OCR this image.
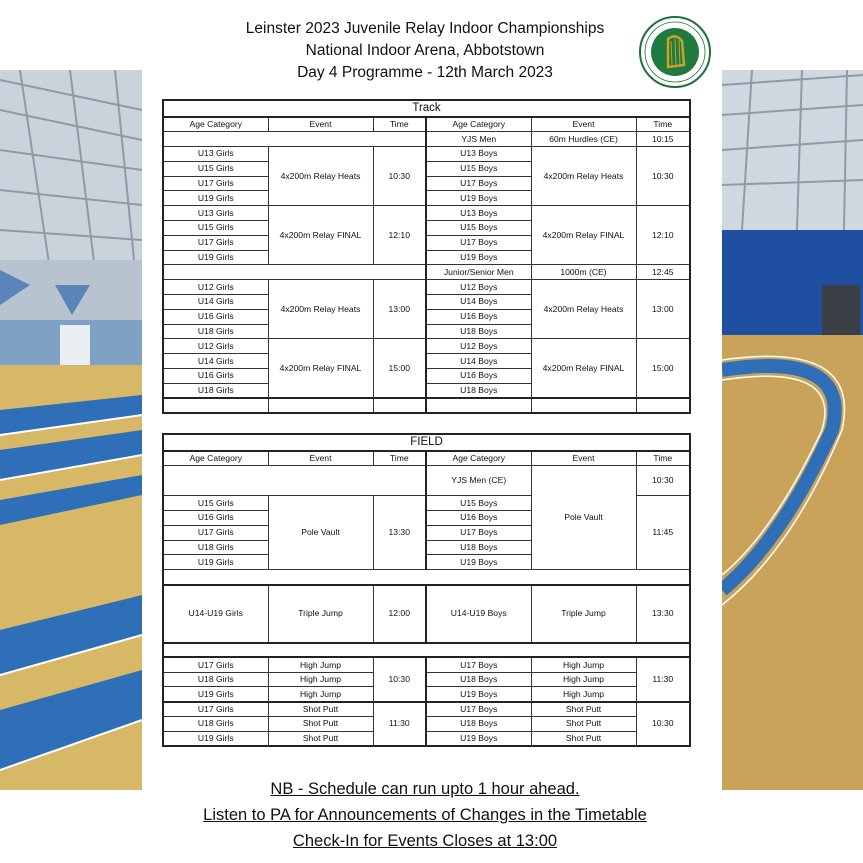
Leinster 2023 Juvenile Relay Indoor Championships
National Indoor Arena, Abbotstown
Day 4 Programme - 12th March 2023
Track					
Age Category	Event	Time	Age Category	Event	Time
			YJS Men	60m Hurdles (CE)	10:15
U13 Girls	4x200m Relay Heats	10:30	U13 Boys	4x200m Relay Heats	10:30
U15 Girls			U15 Boys		
U17 Girls			U17 Boys		
U19 Girls			U19 Boys		
U13 Girls	4x200m Relay FINAL	12:10	U13 Boys	4x200m Relay FINAL	12:10
U15 Girls			U15 Boys		
U17 Girls			U17 Boys		
U19 Girls			U19 Boys		
			Junior/Senior Men	1000m (CE)	12:45
U12 Girls	4x200m Relay Heats	13:00	U12 Boys	4x200m Relay Heats	13:00
U14 Girls			U14 Boys		
U16 Girls			U16 Boys		
U18 Girls			U18 Boys		
U12 Girls	4x200m Relay FINAL	15:00	U12 Boys	4x200m Relay FINAL	15:00
U14 Girls			U14 Boys		
U16 Girls			U16 Boys		
U18 Girls			U18 Boys		

FIELD					
Age Category	Event	Time	Age Category	Event	Time
			YJS Men (CE)	Pole Vault	10:30
U15 Girls	Pole Vault	13:30	U15 Boys		11:45
U16 Girls			U16 Boys		
U17 Girls			U17 Boys		
U18 Girls			U18 Boys		
U19 Girls			U19 Boys		

U14-U19 Girls	Triple Jump	12:00	U14-U19 Boys	Triple Jump	13:30

U17 Girls	High Jump	10:30	U17 Boys	High Jump	11:30
U18 Girls	High Jump		U18 Boys	High Jump	
U19 Girls	High Jump		U19 Boys	High Jump	
U17 Girls	Shot Putt	11:30	U17 Boys	Shot Putt	10:30
U18 Girls	Shot Putt		U18 Boys	Shot Putt	
U19 Girls	Shot Putt		U19 Boys	Shot Putt	
NB - Schedule can run upto 1 hour ahead.
Listen to PA for Announcements of Changes in the Timetable
Check-In for Events Closes at 13:00
